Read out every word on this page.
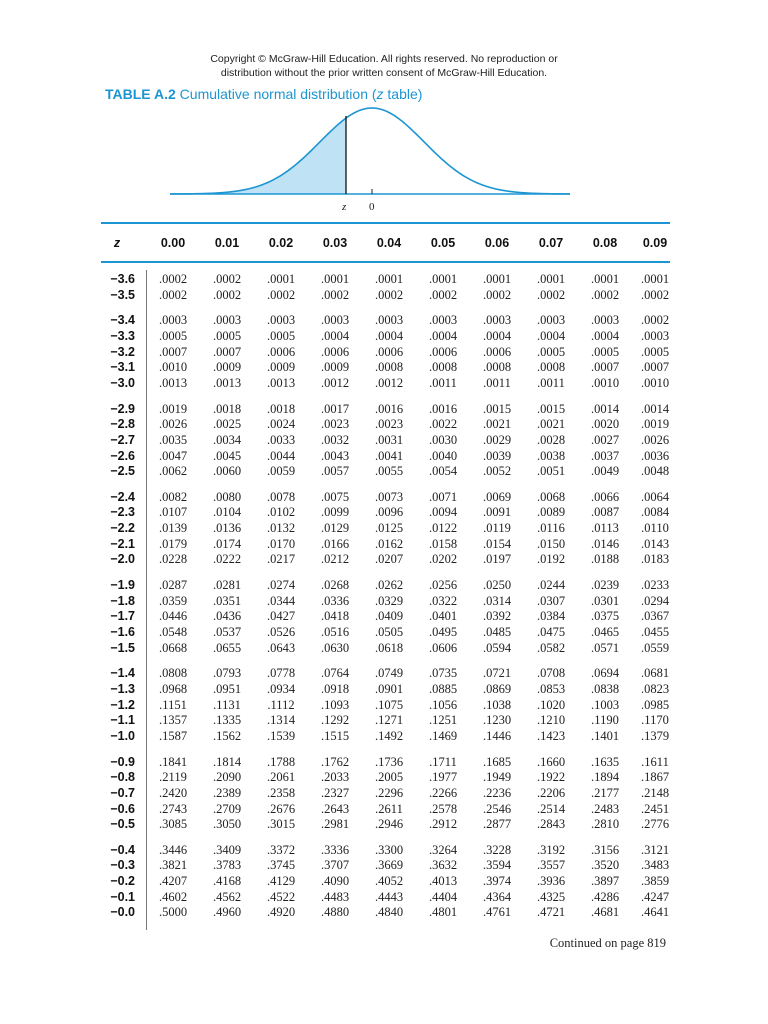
Copyright © McGraw-Hill Education. All rights reserved. No reproduction or
distribution without the prior written consent of McGraw-Hill Education.
TABLE A.2 Cumulative normal distribution (z table)
z 0
z	0.00	0.01	0.02	0.03	0.04	0.05	0.06	0.07	0.08	0.09
−3.6	.0002	.0002	.0001	.0001	.0001	.0001	.0001	.0001	.0001	.0001
−3.5	.0002	.0002	.0002	.0002	.0002	.0002	.0002	.0002	.0002	.0002
−3.4	.0003	.0003	.0003	.0003	.0003	.0003	.0003	.0003	.0003	.0002
−3.3	.0005	.0005	.0005	.0004	.0004	.0004	.0004	.0004	.0004	.0003
−3.2	.0007	.0007	.0006	.0006	.0006	.0006	.0006	.0005	.0005	.0005
−3.1	.0010	.0009	.0009	.0009	.0008	.0008	.0008	.0008	.0007	.0007
−3.0	.0013	.0013	.0013	.0012	.0012	.0011	.0011	.0011	.0010	.0010
−2.9	.0019	.0018	.0018	.0017	.0016	.0016	.0015	.0015	.0014	.0014
−2.8	.0026	.0025	.0024	.0023	.0023	.0022	.0021	.0021	.0020	.0019
−2.7	.0035	.0034	.0033	.0032	.0031	.0030	.0029	.0028	.0027	.0026
−2.6	.0047	.0045	.0044	.0043	.0041	.0040	.0039	.0038	.0037	.0036
−2.5	.0062	.0060	.0059	.0057	.0055	.0054	.0052	.0051	.0049	.0048
−2.4	.0082	.0080	.0078	.0075	.0073	.0071	.0069	.0068	.0066	.0064
−2.3	.0107	.0104	.0102	.0099	.0096	.0094	.0091	.0089	.0087	.0084
−2.2	.0139	.0136	.0132	.0129	.0125	.0122	.0119	.0116	.0113	.0110
−2.1	.0179	.0174	.0170	.0166	.0162	.0158	.0154	.0150	.0146	.0143
−2.0	.0228	.0222	.0217	.0212	.0207	.0202	.0197	.0192	.0188	.0183
−1.9	.0287	.0281	.0274	.0268	.0262	.0256	.0250	.0244	.0239	.0233
−1.8	.0359	.0351	.0344	.0336	.0329	.0322	.0314	.0307	.0301	.0294
−1.7	.0446	.0436	.0427	.0418	.0409	.0401	.0392	.0384	.0375	.0367
−1.6	.0548	.0537	.0526	.0516	.0505	.0495	.0485	.0475	.0465	.0455
−1.5	.0668	.0655	.0643	.0630	.0618	.0606	.0594	.0582	.0571	.0559
−1.4	.0808	.0793	.0778	.0764	.0749	.0735	.0721	.0708	.0694	.0681
−1.3	.0968	.0951	.0934	.0918	.0901	.0885	.0869	.0853	.0838	.0823
−1.2	.1151	.1131	.1112	.1093	.1075	.1056	.1038	.1020	.1003	.0985
−1.1	.1357	.1335	.1314	.1292	.1271	.1251	.1230	.1210	.1190	.1170
−1.0	.1587	.1562	.1539	.1515	.1492	.1469	.1446	.1423	.1401	.1379
−0.9	.1841	.1814	.1788	.1762	.1736	.1711	.1685	.1660	.1635	.1611
−0.8	.2119	.2090	.2061	.2033	.2005	.1977	.1949	.1922	.1894	.1867
−0.7	.2420	.2389	.2358	.2327	.2296	.2266	.2236	.2206	.2177	.2148
−0.6	.2743	.2709	.2676	.2643	.2611	.2578	.2546	.2514	.2483	.2451
−0.5	.3085	.3050	.3015	.2981	.2946	.2912	.2877	.2843	.2810	.2776
−0.4	.3446	.3409	.3372	.3336	.3300	.3264	.3228	.3192	.3156	.3121
−0.3	.3821	.3783	.3745	.3707	.3669	.3632	.3594	.3557	.3520	.3483
−0.2	.4207	.4168	.4129	.4090	.4052	.4013	.3974	.3936	.3897	.3859
−0.1	.4602	.4562	.4522	.4483	.4443	.4404	.4364	.4325	.4286	.4247
−0.0	.5000	.4960	.4920	.4880	.4840	.4801	.4761	.4721	.4681	.4641
Continued on page 819
